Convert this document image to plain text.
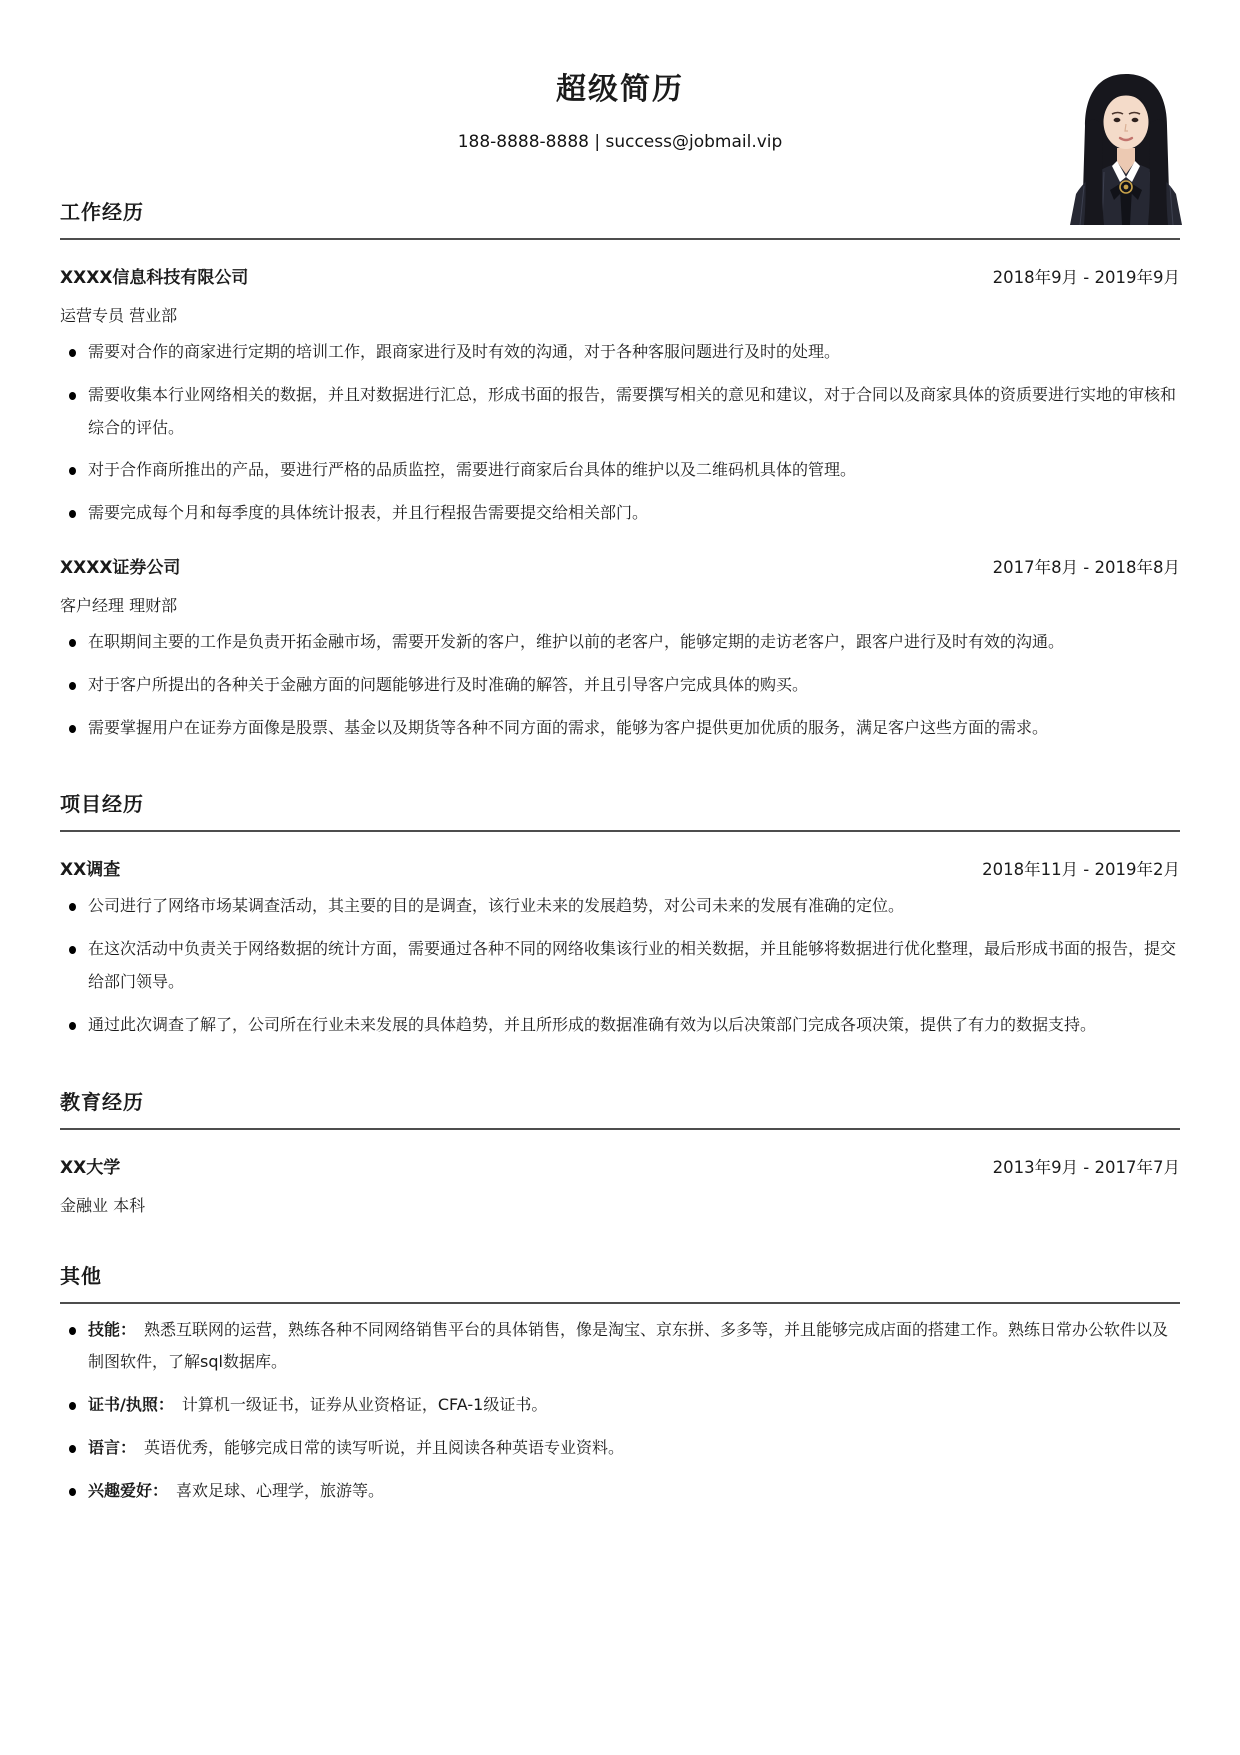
超级简历
188-8888-8888 | success@jobmail.vip
工作经历
XXXX信息科技有限公司	2018年9月 - 2019年9月
运营专员 营业部
需要对合作的商家进行定期的培训工作，跟商家进行及时有效的沟通，对于各种客服问题进行及时的处理。
需要收集本行业网络相关的数据，并且对数据进行汇总，形成书面的报告，需要撰写相关的意见和建议，对于合同以及商家具体的资质要进行实地的审核和综合的评估。
对于合作商所推出的产品，要进行严格的品质监控，需要进行商家后台具体的维护以及二维码机具体的管理。
需要完成每个月和每季度的具体统计报表，并且行程报告需要提交给相关部门。
XXXX证券公司	2017年8月 - 2018年8月
客户经理 理财部
在职期间主要的工作是负责开拓金融市场，需要开发新的客户，维护以前的老客户，能够定期的走访老客户，跟客户进行及时有效的沟通。
对于客户所提出的各种关于金融方面的问题能够进行及时准确的解答，并且引导客户完成具体的购买。
需要掌握用户在证券方面像是股票、基金以及期货等各种不同方面的需求，能够为客户提供更加优质的服务，满足客户这些方面的需求。
项目经历
XX调查	2018年11月 - 2019年2月
公司进行了网络市场某调查活动，其主要的目的是调查，该行业未来的发展趋势，对公司未来的发展有准确的定位。
在这次活动中负责关于网络数据的统计方面，需要通过各种不同的网络收集该行业的相关数据，并且能够将数据进行优化整理，最后形成书面的报告，提交给部门领导。
通过此次调查了解了，公司所在行业未来发展的具体趋势，并且所形成的数据准确有效为以后决策部门完成各项决策，提供了有力的数据支持。
教育经历
XX大学	2013年9月 - 2017年7月
金融业 本科
其他
技能： 熟悉互联网的运营，熟练各种不同网络销售平台的具体销售，像是淘宝、京东拼、多多等，并且能够完成店面的搭建工作。熟练日常办公软件以及制图软件，了解sql数据库。
证书/执照： 计算机一级证书，证券从业资格证，CFA-1级证书。
语言： 英语优秀，能够完成日常的读写听说，并且阅读各种英语专业资料。
兴趣爱好： 喜欢足球、心理学，旅游等。
